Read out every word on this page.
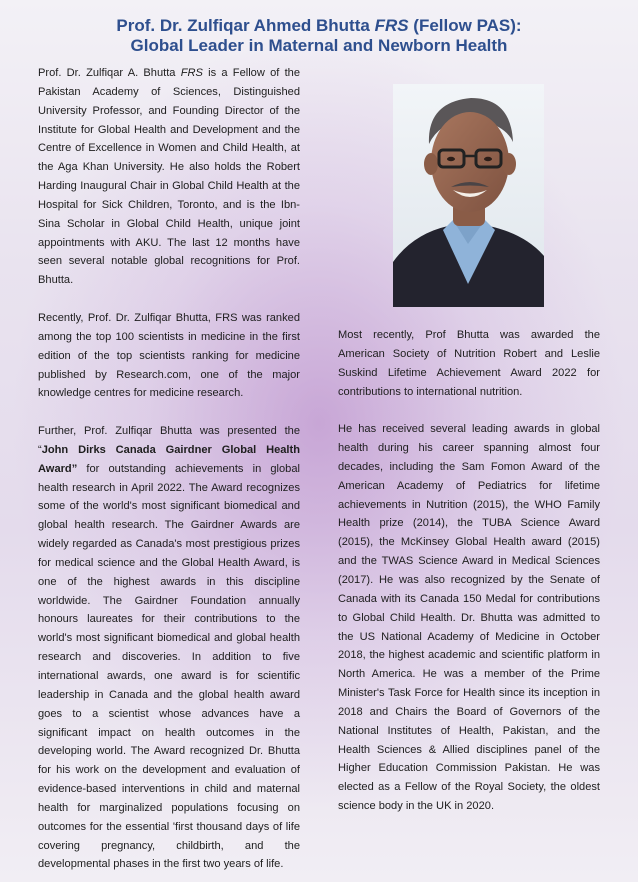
Prof. Dr. Zulfiqar Ahmed Bhutta FRS (Fellow PAS):
Global Leader in Maternal and Newborn Health

Prof. Dr. Zulfiqar A. Bhutta FRS is a Fellow of the Pakistan Academy of Sciences, Distinguished University Professor, and Founding Director of the Institute for Global Health and Development and the Centre of Excellence in Women and Child Health, at the Aga Khan University. He also holds the Robert Harding Inaugural Chair in Global Child Health at the Hospital for Sick Children, Toronto, and is the Ibn-Sina Scholar in Global Child Health, unique joint appointments with AKU. The last 12 months have seen several notable global recognitions for Prof. Bhutta.

Recently, Prof. Dr. Zulfiqar Bhutta, FRS was ranked among the top 100 scientists in medicine in the first edition of the top scientists ranking for medicine published by Research.com, one of the major knowledge centres for medicine research.

Further, Prof. Zulfiqar Bhutta was presented the “John Dirks Canada Gairdner Global Health Award” for outstanding achievements in global health research in April 2022. The Award recognizes some of the world's most significant biomedical and global health research. The Gairdner Awards are widely regarded as Canada's most prestigious prizes for medical science and the Global Health Award, is one of the highest awards in this discipline worldwide. The Gairdner Foundation annually honours laureates for their contributions to the world's most significant biomedical and global health research and discoveries. In addition to five international awards, one award is for scientific leadership in Canada and the global health award goes to a scientist whose advances have a significant impact on health outcomes in the developing world. The Award recognized Dr. Bhutta for his work on the development and evaluation of evidence-based interventions in child and maternal health for marginalized populations focusing on outcomes for the essential 'first thousand days of life covering pregnancy, childbirth, and the developmental phases in the first two years of life.

Most recently, Prof Bhutta was awarded the American Society of Nutrition Robert and Leslie Suskind Lifetime Achievement Award 2022 for contributions to international nutrition.

He has received several leading awards in global health during his career spanning almost four decades, including the Sam Fomon Award of the American Academy of Pediatrics for lifetime achievements in Nutrition (2015), the WHO Family Health prize (2014), the TUBA Science Award (2015), the McKinsey Global Health award (2015) and the TWAS Science Award in Medical Sciences (2017). He was also recognized by the Senate of Canada with its Canada 150 Medal for contributions to Global Child Health. Dr. Bhutta was admitted to the US National Academy of Medicine in October 2018, the highest academic and scientific platform in North America. He was a member of the Prime Minister's Task Force for Health since its inception in 2018 and Chairs the Board of Governors of the National Institutes of Health, Pakistan, and the Health Sciences & Allied disciplines panel of the Higher Education Commission Pakistan. He was elected as a Fellow of the Royal Society, the oldest science body in the UK in 2020.
